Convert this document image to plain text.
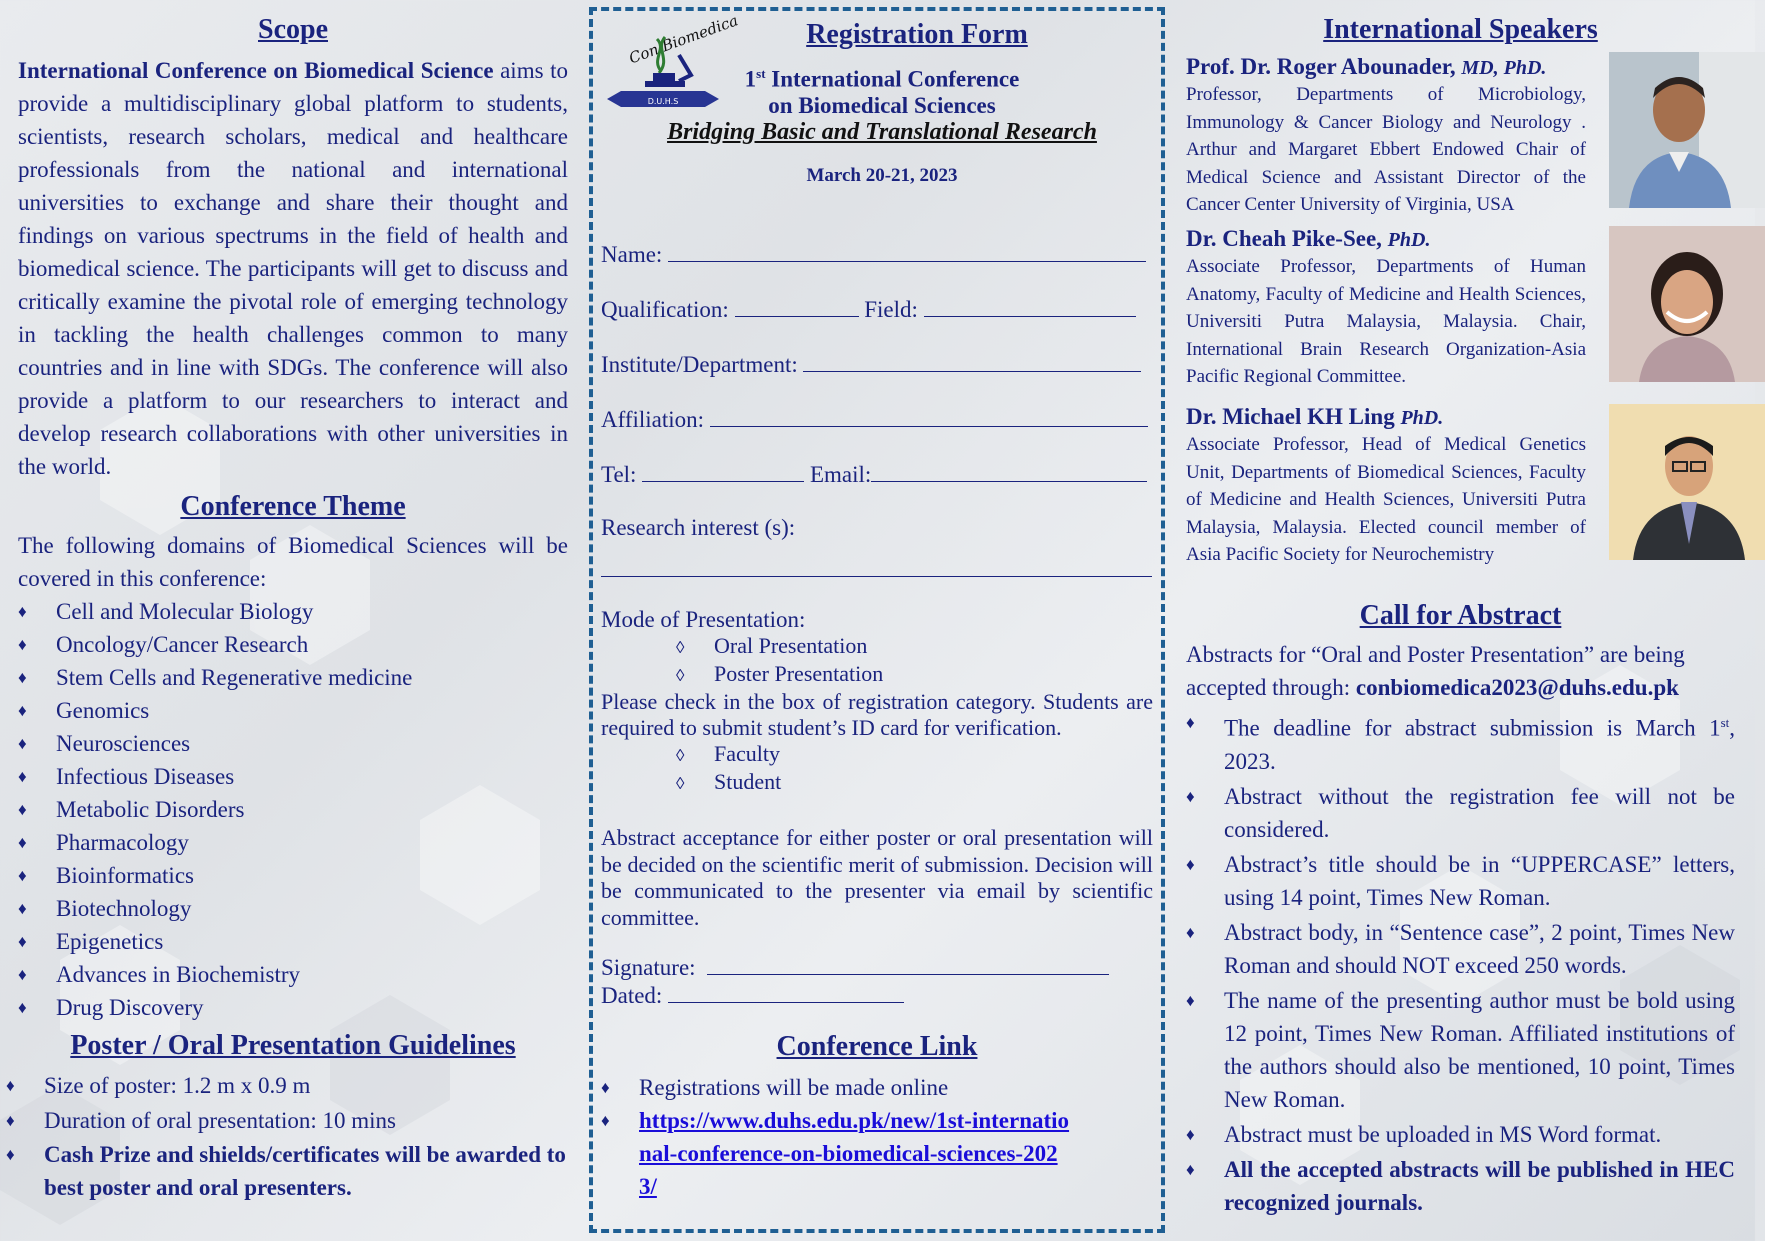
Scope

International Conference on Biomedical Science aims to provide a multidisciplinary global platform to students, scientists, research scholars, medical and healthcare professionals from the national and international universities to exchange and share their thought and findings on various spectrums in the field of health and biomedical science. The participants will get to discuss and critically examine the pivotal role of emerging technology in tackling the health challenges common to many countries and in line with SDGs. The conference will also provide a platform to our researchers to interact and develop research collaborations with other universities in the world.

Conference Theme

The following domains of Biomedical Sciences will be covered in this conference:

♦ Cell and Molecular Biology
♦ Oncology/Cancer Research
♦ Stem Cells and Regenerative medicine
♦ Genomics
♦ Neurosciences
♦ Infectious Diseases
♦ Metabolic Disorders
♦ Pharmacology
♦ Bioinformatics
♦ Biotechnology
♦ Epigenetics
♦ Advances in Biochemistry
♦ Drug Discovery
Poster / Oral Presentation Guidelines
♦ Size of poster: 1.2 m x 0.9 m
♦ Duration of oral presentation: 10 mins
♦ Cash Prize and shields/certificates will be awarded to best poster and oral presenters.
Con Biomedica
D.U.H.S
Registration Form
1st International Conference
on Biomedical Sciences
Bridging Basic and Translational Research
March 20-21, 2023
Name:
Qualification:	Field:
Institute/Department:
Affiliation:
Tel:	Email:
Research interest (s):
Mode of Presentation:
◊ Oral Presentation
◊ Poster Presentation

Please check in the box of registration category. Students are required to submit student’s ID card for verification.

◊ Faculty
◊ Student

Abstract acceptance for either poster or oral presentation will be decided on the scientific merit of submission. Decision will be communicated to the presenter via email by scientific committee.

Signature:
Dated:
Conference Link
♦ Registrations will be made online
♦ https://www.duhs.edu.pk/new/1st-international-conference-on-biomedical-sciences-2023/
International Speakers
Prof. Dr. Roger Abounader, MD, PhD.

Professor, Departments of Microbiology, Immunology & Cancer Biology and Neurology . Arthur and Margaret Ebbert Endowed Chair of Medical Science and Assistant Director of the Cancer Center University of Virginia, USA

Dr. Cheah Pike-See, PhD.

Associate Professor, Departments of Human Anatomy, Faculty of Medicine and Health Sciences, Universiti Putra Malaysia, Malaysia. Chair, International Brain Research Organization-Asia Pacific Regional Committee.

Dr. Michael KH Ling PhD.

Associate Professor, Head of Medical Genetics Unit, Departments of Biomedical Sciences, Faculty of Medicine and Health Sciences, Universiti Putra Malaysia, Malaysia. Elected council member of Asia Pacific Society for Neurochemistry

Call for Abstract

Abstracts for “Oral and Poster Presentation” are being accepted through: conbiomedica2023@duhs.edu.pk

♦ The deadline for abstract submission is March 1st, 2023.
♦ Abstract without the registration fee will not be considered.
♦ Abstract’s title should be in “UPPERCASE” letters, using 14 point, Times New Roman.
♦ Abstract body, in “Sentence case”, 2 point, Times New Roman and should NOT exceed 250 words.
♦ The name of the presenting author must be bold using 12 point, Times New Roman. Affiliated institutions of the authors should also be mentioned, 10 point, Times New Roman.
♦ Abstract must be uploaded in MS Word format.
♦ All the accepted abstracts will be published in HEC recognized journals.
